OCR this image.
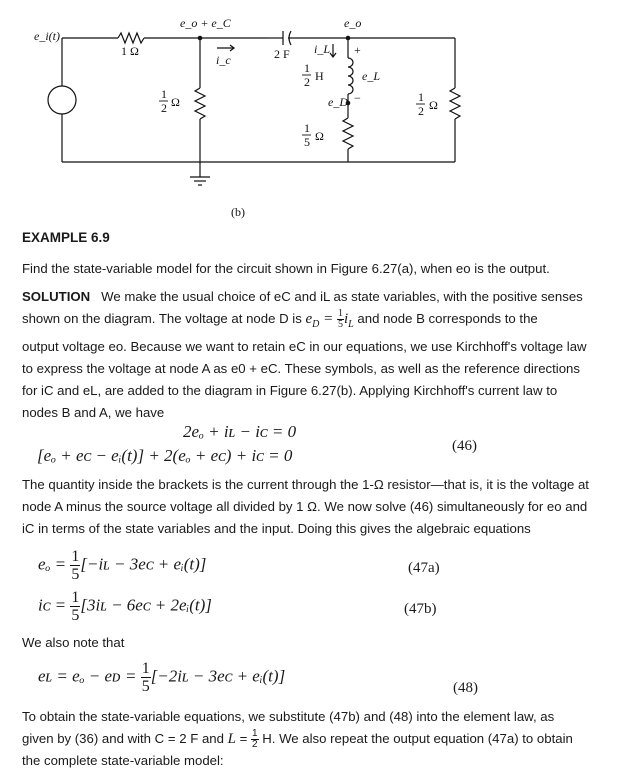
e_i(t)
1 Ω
e_o + e_C
i_c	2 F
e_o
i_L +
e_L
−
e_D
1
2 H
1
2 Ω
1
5 Ω
1
2 Ω
(b)
EXAMPLE 6.9
Find the state-variable model for the circuit shown in Figure 6.27(a), when eo is the output.
SOLUTION We make the usual choice of eC and iL as state variables, with the positive senses
shown on the diagram. The voltage at node D is $e_D = \frac{1}{5} i_L$ and node B corresponds to the
output voltage eo. Because we want to retain eC in our equations, we use Kirchhoff's voltage law
to express the voltage at node A as e0 + eC. These symbols, as well as the reference directions
for iC and eL, are added to the diagram in Figure 6.27(b). Applying Kirchhoff's current law to
nodes B and A, we have
2eₒ + iʟ − iᴄ = 0
[eₒ + eᴄ − eᵢ(t)] + 2(eₒ + eᴄ) + iᴄ = 0	(46)
The quantity inside the brackets is the current through the 1-Ω resistor—that is, it is the voltage at
node A minus the source voltage all divided by 1 Ω. We now solve (46) simultaneously for eo and
iC in terms of the state variables and the input. Doing this gives the algebraic equations
$e_o = \frac{1}{5}$ [−iʟ − 3eᴄ + eᵢ(t)]	(47a)
iᴄ = $\frac{1}{5}$ [3iʟ − 6eᴄ + 2eᵢ(t)]	(47b)
We also note that
eʟ = eₒ − eᴅ = $\frac{1}{5}$ [−2iʟ − 3eᴄ + eᵢ(t)]
(48)
To obtain the state-variable equations, we substitute (47b) and (48) into the element law, as
given by (36) and with C = 2 F and $L = \frac{1}{2} H$. We also repeat the output equation (47a) to obtain
the complete state-variable model:
